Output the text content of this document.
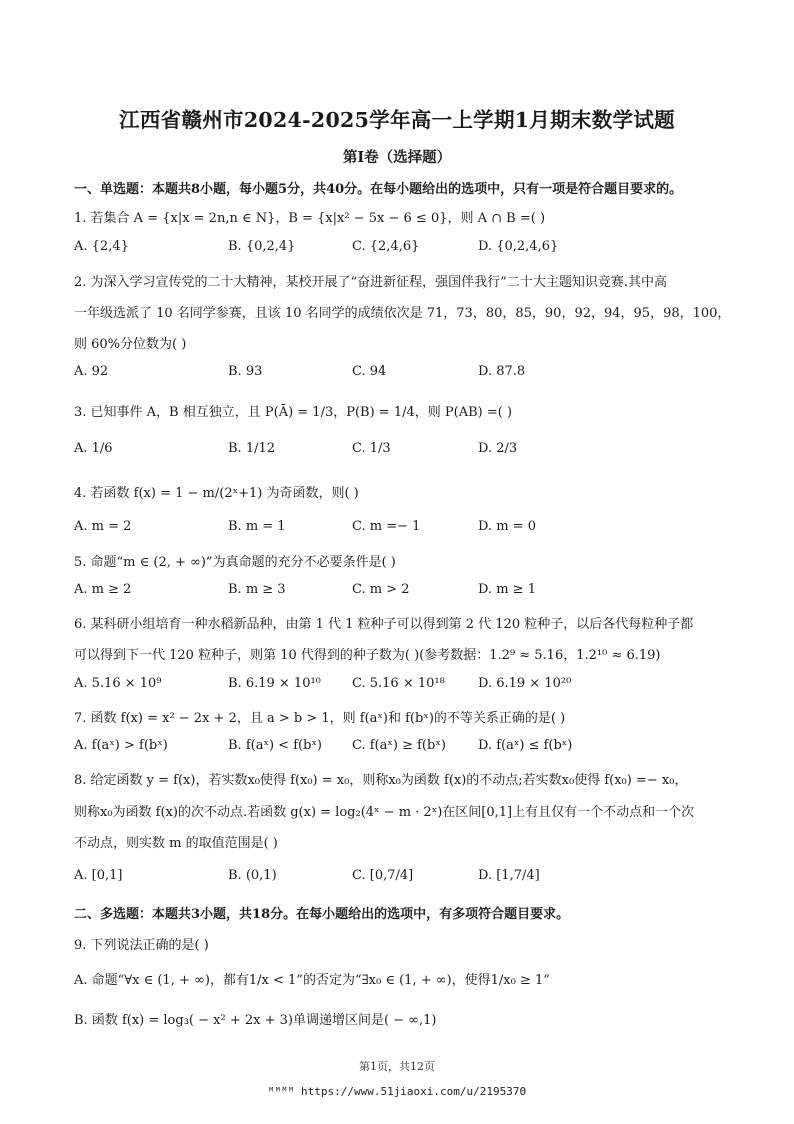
江西省赣州市2024-2025学年高一上学期1月期末数学试题
第I卷（选择题）
一、单选题：本题共8小题，每小题5分，共40分。在每小题给出的选项中，只有一项是符合题目要求的。
1. 若集合 A = {x|x = 2n,n ∈ N}，B = {x|x² − 5x − 6 ≤ 0}，则 A ∩ B =( )
A. {2,4}	B. {0,2,4}	C. {2,4,6}	D. {0,2,4,6}
2. 为深入学习宣传党的二十大精神，某校开展了“奋进新征程，强国伴我行”二十大主题知识竞赛.其中高
一年级选派了 10 名同学参赛，且该 10 名同学的成绩依次是 71，73，80，85，90，92，94，95，98，100，
则 60%分位数为( )
A. 92	B. 93	C. 94	D. 87.8
3. 已知事件 A，B 相互独立，且 P(Ā) = 1/3，P(B) = 1/4，则 P(AB) =( )
A. 1/6	B. 1/12	C. 1/3	D. 2/3
4. 若函数 f(x) = 1 − m/(2ˣ+1) 为奇函数，则( )
A. m = 2	B. m = 1	C. m =− 1	D. m = 0
5. 命题“m ∈ (2, + ∞)”为真命题的充分不必要条件是( )
A. m ≥ 2	B. m ≥ 3	C. m > 2	D. m ≥ 1
6. 某科研小组培育一种水稻新品种，由第 1 代 1 粒种子可以得到第 2 代 120 粒种子，以后各代每粒种子都
可以得到下一代 120 粒种子，则第 10 代得到的种子数为( )(参考数据：1.2⁹ ≈ 5.16，1.2¹⁰ ≈ 6.19)
A. 5.16 × 10⁹	B. 6.19 × 10¹⁰ C. 5.16 × 10¹⁸	D. 6.19 × 10²⁰
7. 函数 f(x) = x² − 2x + 2，且 a > b > 1，则 f(aˣ)和 f(bˣ)的不等关系正确的是( )
A. f(aˣ) > f(bˣ)	B. f(aˣ) < f(bˣ) C. f(aˣ) ≥ f(bˣ) D. f(aˣ) ≤ f(bˣ)
8. 给定函数 y = f(x)，若实数x₀使得 f(x₀) = x₀，则称x₀为函数 f(x)的不动点;若实数x₀使得 f(x₀) =− x₀，
则称x₀为函数 f(x)的次不动点.若函数 g(x) = log₂(4ˣ − m · 2ˣ)在区间[0,1]上有且仅有一个不动点和一个次
不动点，则实数 m 的取值范围是( )
A. [0,1]	B. (0,1)	C. [0,7/4]	D. [1,7/4]
二、多选题：本题共3小题，共18分。在每小题给出的选项中，有多项符合题目要求。
9. 下列说法正确的是( )
A. 命题“∀x ∈ (1, + ∞)，都有1/x < 1”的否定为“∃x₀ ∈ (1, + ∞)，使得1/x₀ ≥ 1”
B. 函数 f(x) = log₃( − x² + 2x + 3)单调递增区间是( − ∞,1)
第1页，共12页
ᴹᴹᴹᴹ https://www.51jiaoxi.com/u/2195370
